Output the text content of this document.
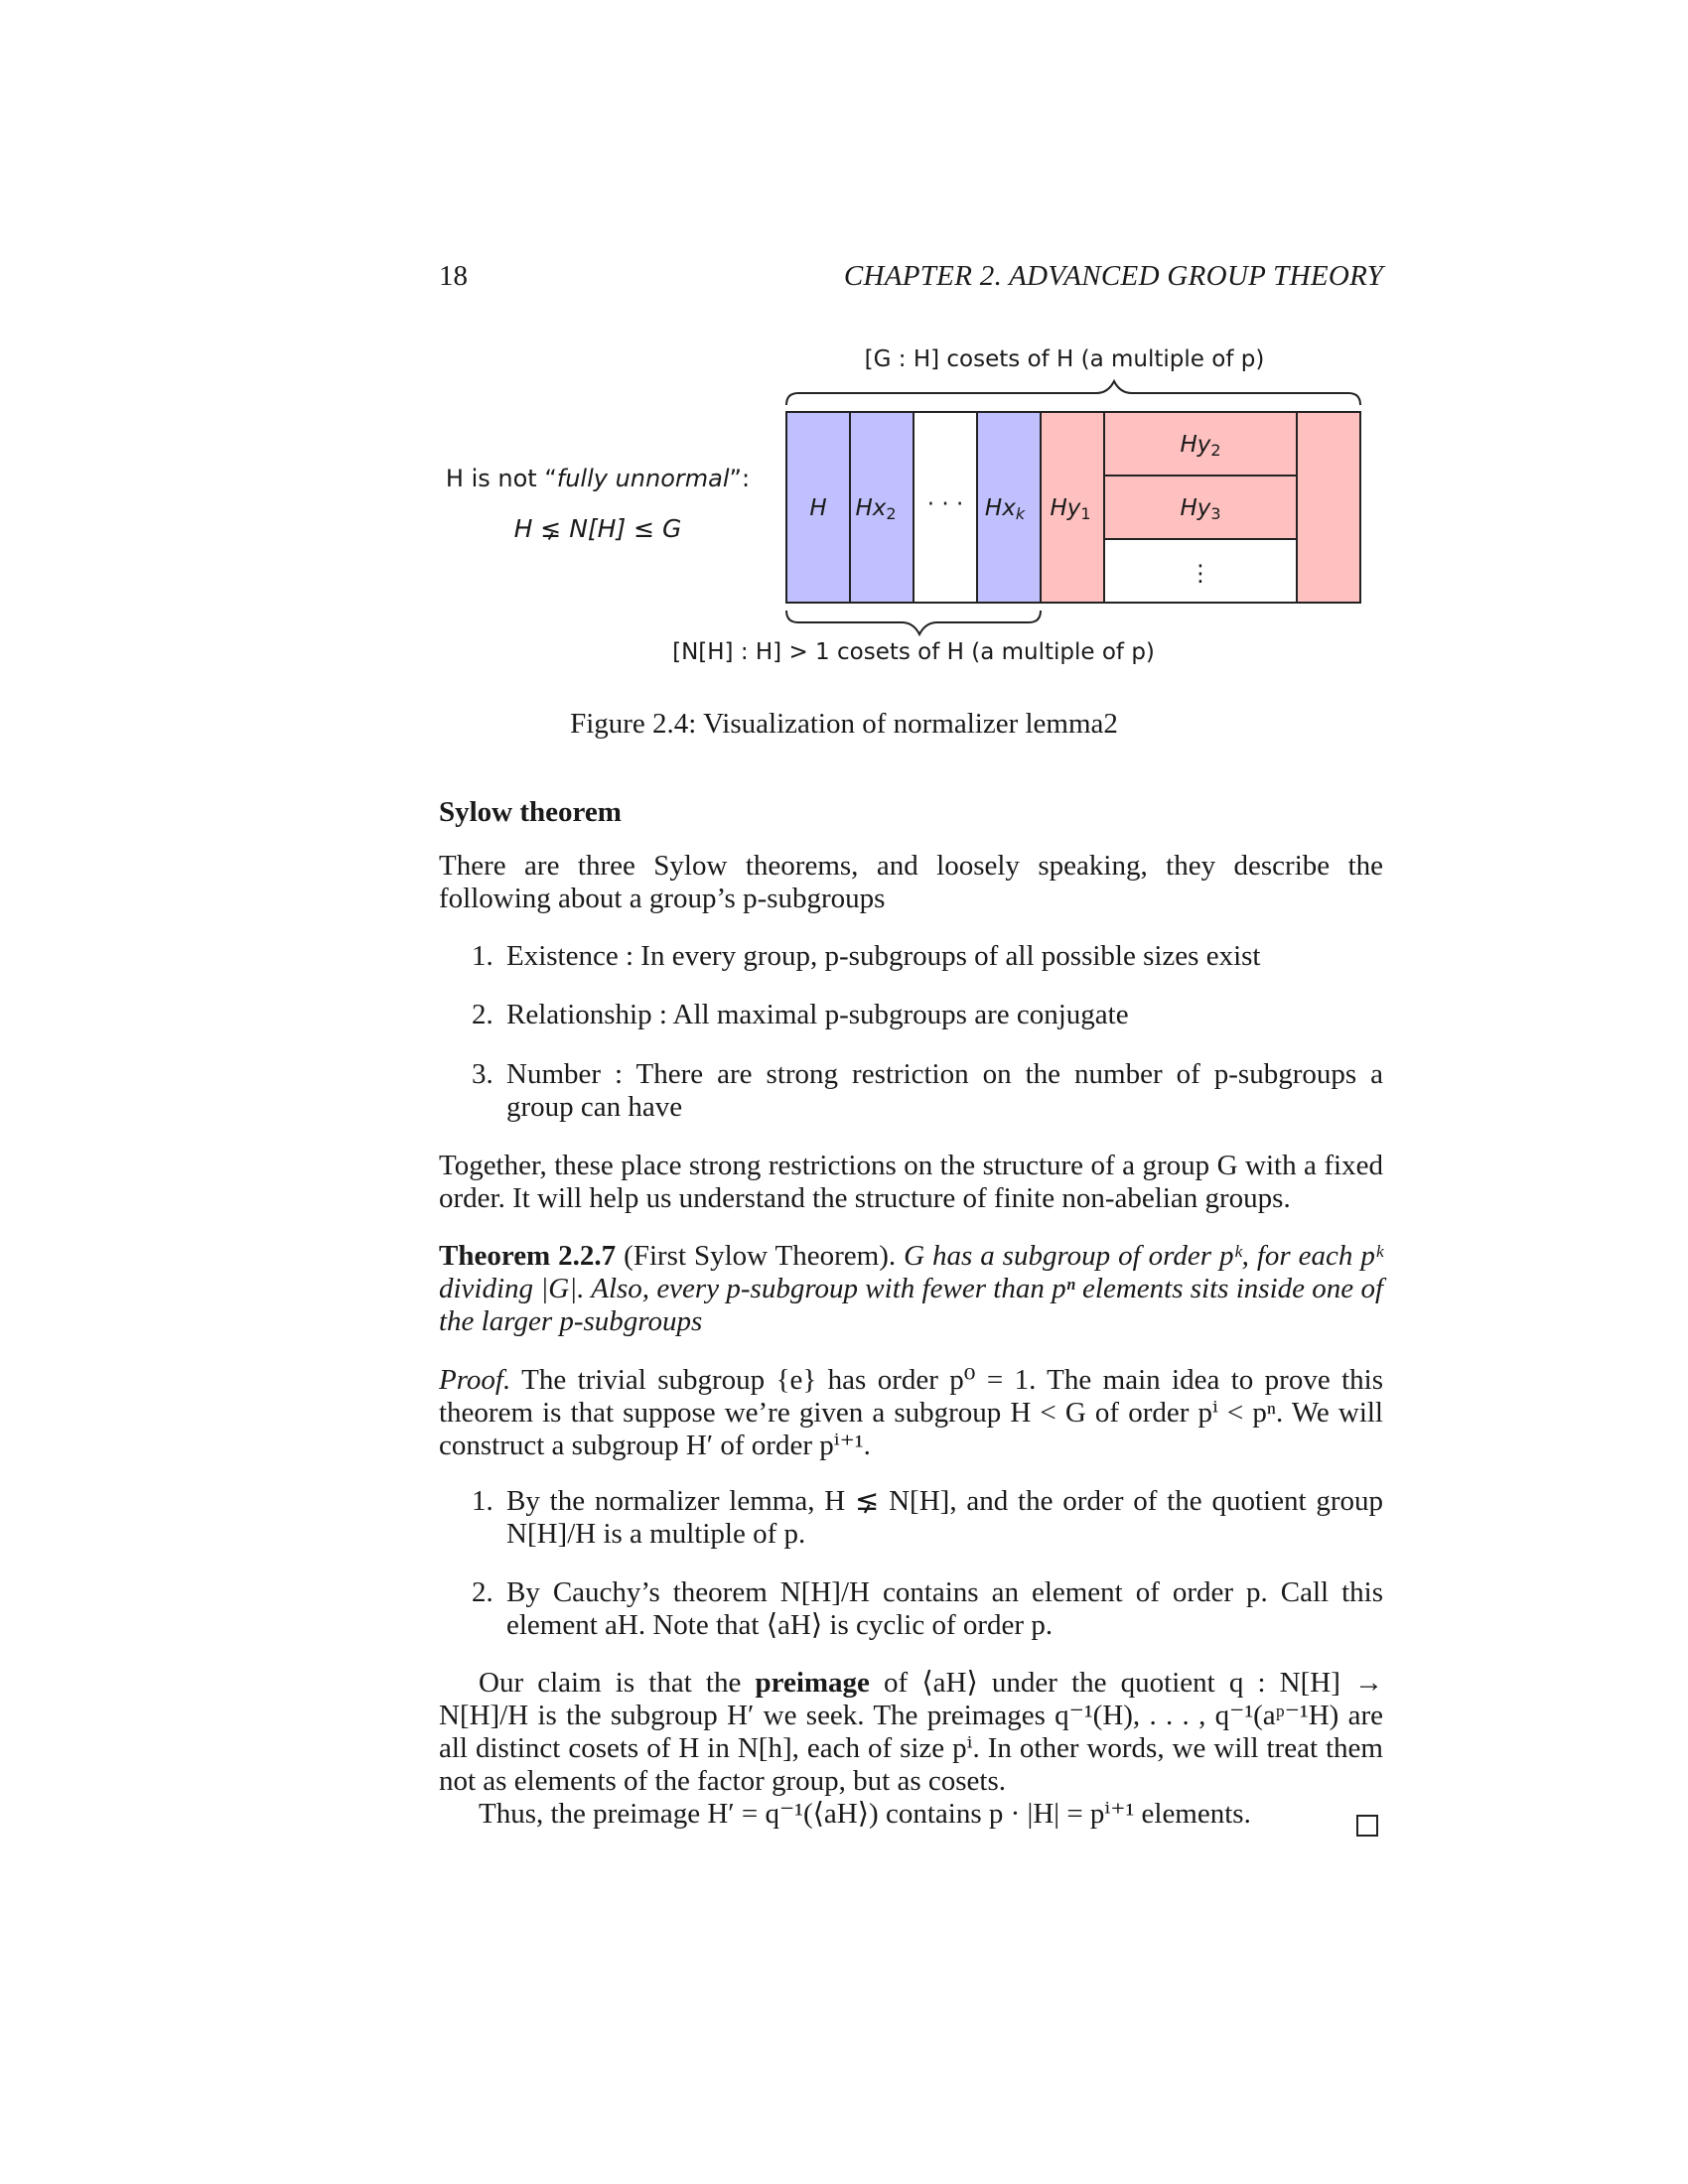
18	CHAPTER 2. ADVANCED GROUP THEORY
[G : H] cosets of H (a multiple of p)
H Hx2 · · · Hxk Hy1
Hy2
Hy3
⋮
[N[H] : H] > 1 cosets of H (a multiple of p)
H is not “fully unnormal”:
H ⪇ N[H] ≤ G
Figure 2.4: Visualization of normalizer lemma2
Sylow theorem
There are three Sylow theorems, and loosely speaking, they describe the following about a group’s p-subgroups
1. Existence : In every group, p-subgroups of all possible sizes exist
2. Relationship : All maximal p-subgroups are conjugate
3. Number : There are strong restriction on the number of p-subgroups a group can have
Together, these place strong restrictions on the structure of a group G with a fixed order. It will help us understand the structure of finite non-abelian groups.
Theorem 2.2.7 (First Sylow Theorem). G has a subgroup of order pᵏ, for each pᵏ dividing |G|. Also, every p-subgroup with fewer than pⁿ elements sits inside one of the larger p-subgroups
Proof. The trivial subgroup {e} has order p⁰ = 1. The main idea to prove this theorem is that suppose we’re given a subgroup H < G of order pⁱ < pⁿ. We will construct a subgroup H′ of order pⁱ⁺¹.
1. By the normalizer lemma, H ⪇ N[H], and the order of the quotient group N[H]/H is a multiple of p.
2. By Cauchy’s theorem N[H]/H contains an element of order p. Call this element aH. Note that ⟨aH⟩ is cyclic of order p.
Our claim is that the preimage of ⟨aH⟩ under the quotient q : N[H] → N[H]/H is the subgroup H′ we seek. The preimages q⁻¹(H), . . . , q⁻¹(aᵖ⁻¹H) are all distinct cosets of H in N[h], each of size pⁱ. In other words, we will treat them not as elements of the factor group, but as cosets.
Thus, the preimage H′ = q⁻¹(⟨aH⟩) contains p · |H| = pⁱ⁺¹ elements.
